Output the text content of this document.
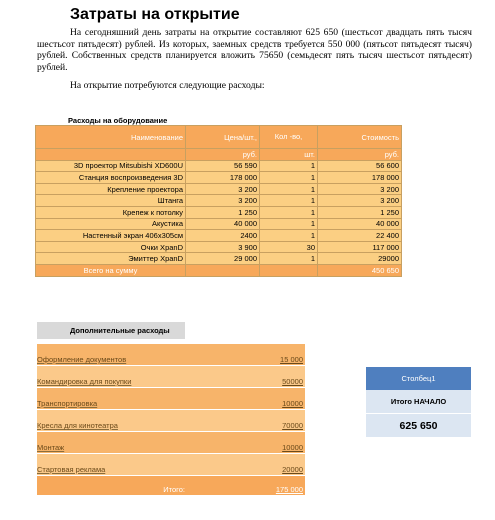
Затраты на открытие

На сегодняшний день затраты на открытие составляют 625 650 (шестьсот двадцать пять тысяч шестьсот пятьдесят) рублей. Из которых, заемных средств требуется 550 000 (пятьсот пятьдесят тысяч) рублей. Собственных средств планируется вложить 75650 (семьдесят пять тысяч шестьсот пятьдесят) рублей.

На открытие потребуются следующие расходы:

Расходы на оборудование
Наименование	Цена/шт.,	Кол -во,	Стоимость
	руб.	шт.	руб.
3D проектор Mitsubishi XD600U	56 590	1	56 600
Станция воспроизведения 3D	178 000	1	178 000
Крепление проектора	3 200	1	3 200
Штанга	3 200	1	3 200
Крепеж к потолку	1 250	1	1 250
Акустика	40 000	1	40 000
Настенный экран 406х305см	2400	1	22 400
Очки XpanD	3 900	30	117 000
Эмиттер XpanD	29 000	1	29000
Всего на сумму			450 650
Дополнительные расходы
Оформление документов	15 000
Командировка для покупки	50000
Транспортировка	10000
Кресла для кинотеатра	70000
Монтаж	10000
Стартовая реклама	20000
Итого:	175 000
Столбец1
Итого НАЧАЛО
625 650
